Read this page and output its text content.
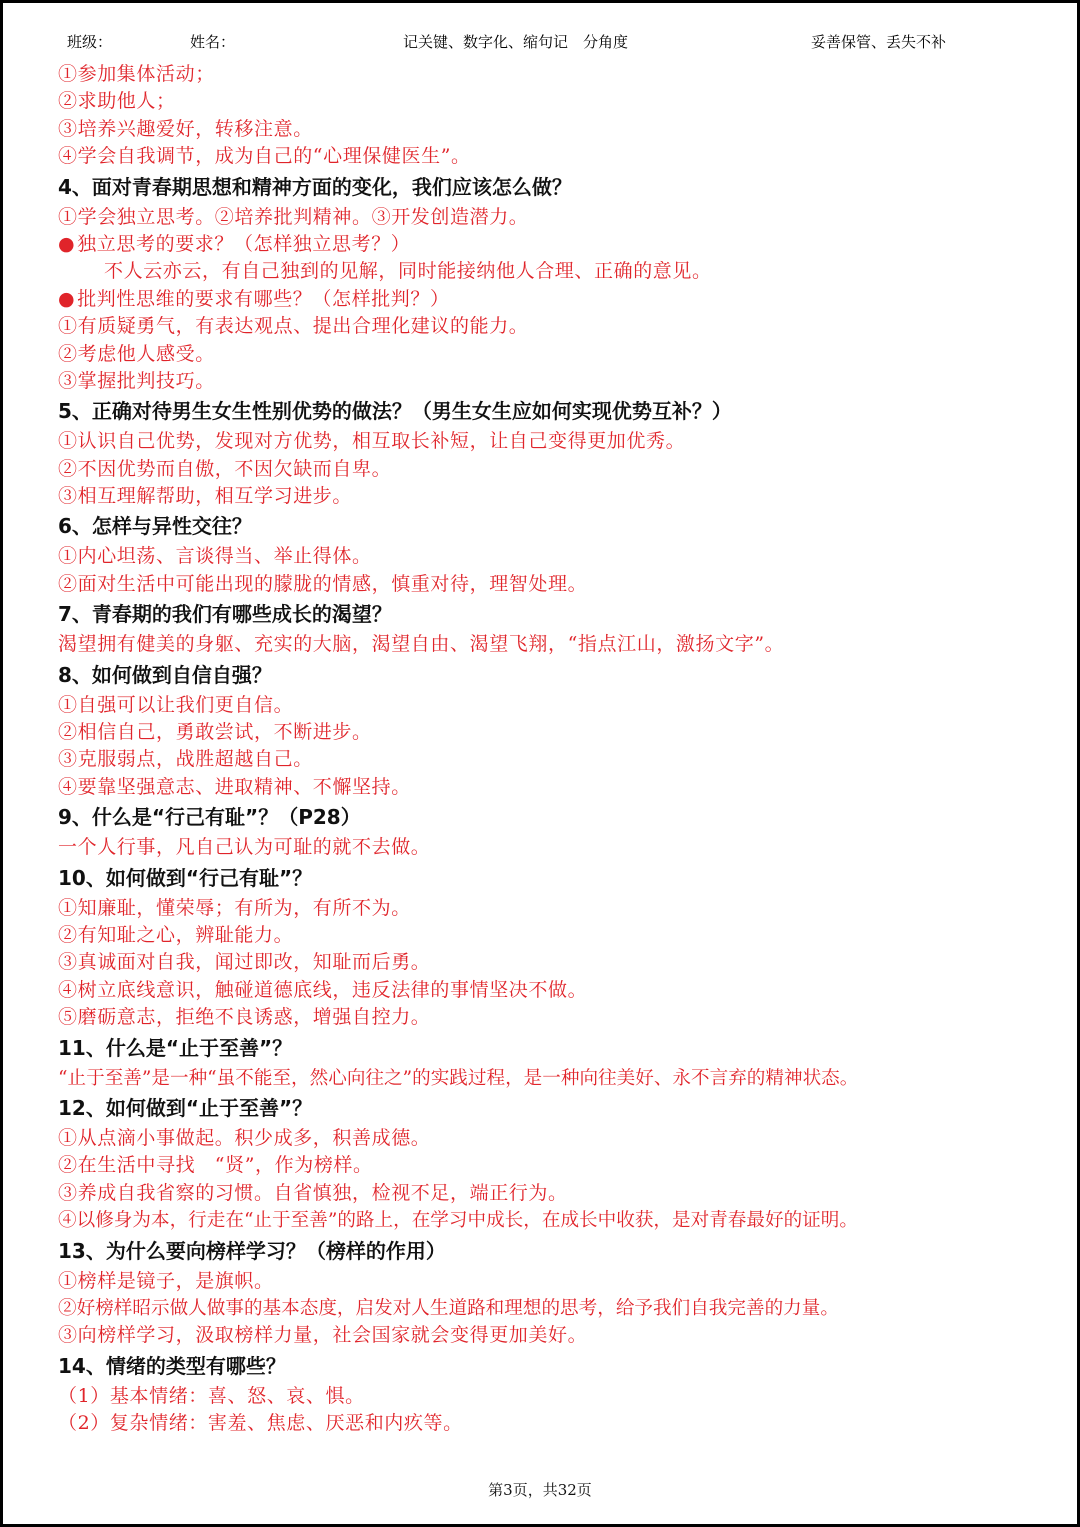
班级：	姓名：	记关键、数字化、缩句记　分角度	妥善保管、丢失不补
①参加集体活动；
②求助他人；
③培养兴趣爱好，转移注意。
④学会自我调节，成为自己的“心理保健医生”。
4、面对青春期思想和精神方面的变化，我们应该怎么做？
①学会独立思考。②培养批判精神。③开发创造潜力。
● 独立思考的要求？（怎样独立思考？）
不人云亦云，有自己独到的见解，同时能接纳他人合理、正确的意见。
● 批判性思维的要求有哪些？（怎样批判？）
①有质疑勇气，有表达观点、提出合理化建议的能力。
②考虑他人感受。
③掌握批判技巧。
5、正确对待男生女生性别优势的做法？（男生女生应如何实现优势互补？）
①认识自己优势，发现对方优势，相互取长补短，让自己变得更加优秀。
②不因优势而自傲，不因欠缺而自卑。
③相互理解帮助，相互学习进步。
6、怎样与异性交往？
①内心坦荡、言谈得当、举止得体。
②面对生活中可能出现的朦胧的情感，慎重对待，理智处理。
7、青春期的我们有哪些成长的渴望？
渴望拥有健美的身躯、充实的大脑，渴望自由、渴望飞翔，“指点江山，激扬文字”。
8、如何做到自信自强？
①自强可以让我们更自信。
②相信自己，勇敢尝试，不断进步。
③克服弱点，战胜超越自己。
④要靠坚强意志、进取精神、不懈坚持。
9、什么是“行己有耻”？（P28）
一个人行事，凡自己认为可耻的就不去做。
10、如何做到“行己有耻”？
①知廉耻，懂荣辱；有所为，有所不为。
②有知耻之心，辨耻能力。
③真诚面对自我，闻过即改，知耻而后勇。
④树立底线意识，触碰道德底线，违反法律的事情坚决不做。
⑤磨砺意志，拒绝不良诱惑，增强自控力。
11、什么是“止于至善”？
“止于至善”是一种“虽不能至，然心向往之”的实践过程，是一种向往美好、永不言弃的精神状态。
12、如何做到“止于至善”？
①从点滴小事做起。积少成多，积善成德。
②在生活中寻找　“贤”，作为榜样。
③养成自我省察的习惯。自省慎独，检视不足，端正行为。
④以修身为本，行走在“止于至善”的路上，在学习中成长，在成长中收获，是对青春最好的证明。
13、为什么要向榜样学习？（榜样的作用）
①榜样是镜子，是旗帜。
②好榜样昭示做人做事的基本态度，启发对人生道路和理想的思考，给予我们自我完善的力量。
③向榜样学习，汲取榜样力量，社会国家就会变得更加美好。
14、情绪的类型有哪些？
（1）基本情绪：喜、怒、哀、惧。
（2）复杂情绪：害羞、焦虑、厌恶和内疚等。
第3页，共32页
